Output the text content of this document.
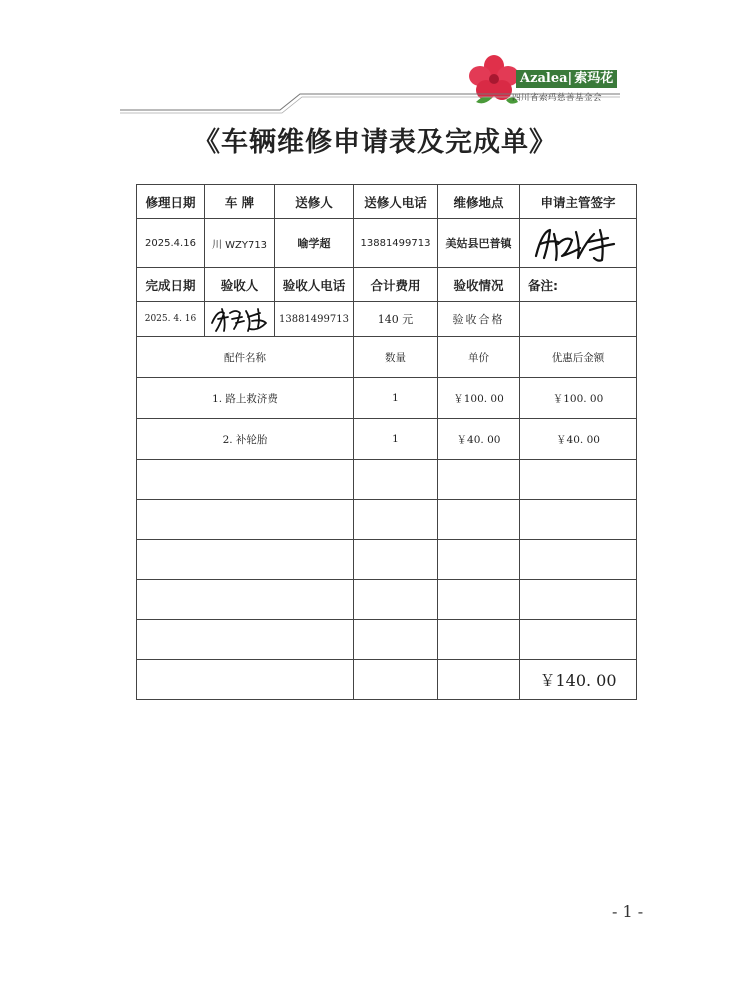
Azalea| 索玛花
四川省索玛慈善基金会
《车辆维修申请表及完成单》
修理日期	车 牌	送修人	送修人电话	维修地点	申请主管签字
2025.4.16	川 WZY713	喻学超	13881499713	美姑县巴普镇	

完成日期	验收人	验收人电话	合计费用	验收情况	备注:
2025. 4. 16		13881499713	140 元	验收合格	
配件名称			数量	单价	优惠后金额
1. 路上救济费			1	￥100. 00	￥100. 00
2. 补轮胎			1	￥40. 00	￥40. 00

					￥140. 00
- 1 -
